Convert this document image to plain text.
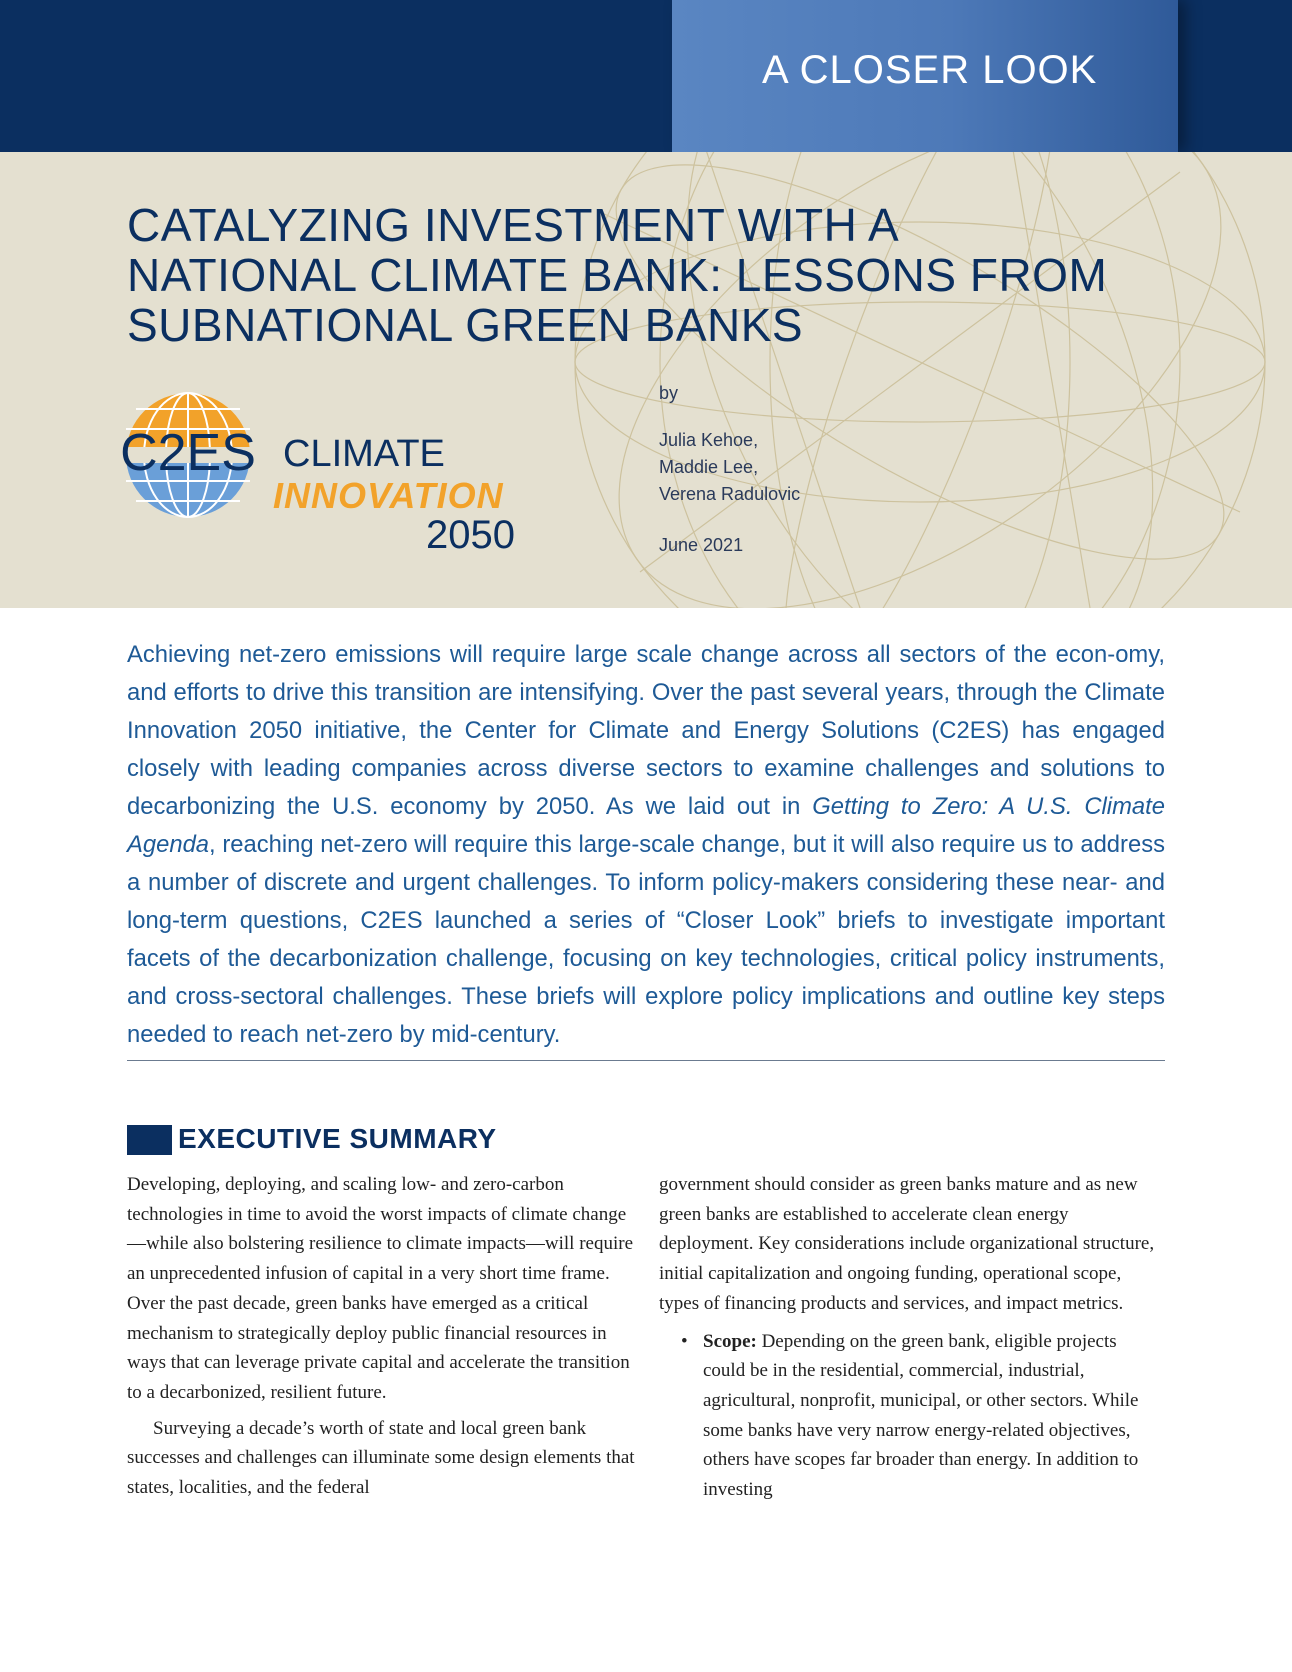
A CLOSER LOOK
CATALYZING INVESTMENT WITH A
NATIONAL CLIMATE BANK: LESSONS FROM
SUBNATIONAL GREEN BANKS
C2ES CLIMATE
INNOVATION
2050
by
Julia Kehoe,
Maddie Lee,
Verena Radulovic
June 2021

Achieving net-zero emissions will require large scale change across all sectors of the econ-omy, and efforts to drive this transition are intensifying. Over the past several years, through the Climate Innovation 2050 initiative, the Center for Climate and Energy Solutions (C2ES) has engaged closely with leading companies across diverse sectors to examine challenges and solutions to decarbonizing the U.S. economy by 2050. As we laid out in Getting to Zero: A U.S. Climate Agenda, reaching net-zero will require this large-scale change, but it will also require us to address a number of discrete and urgent challenges. To inform policy-makers considering these near- and long-term questions, C2ES launched a series of “Closer Look” briefs to investigate important facets of the decarbonization challenge, focusing on key technologies, critical policy instruments, and cross-sectoral challenges. These briefs will explore policy implications and outline key steps needed to reach net-zero by mid-century.

EXECUTIVE SUMMARY

Developing, deploying, and scaling low- and zero-carbon technologies in time to avoid the worst impacts of climate change—while also bolstering resilience to climate impacts—will require an unprecedented infusion of capital in a very short time frame. Over the past decade, green banks have emerged as a critical mechanism to strategically deploy public financial resources in ways that can leverage private capital and accelerate the transition to a decarbonized, resilient future.

Surveying a decade’s worth of state and local green bank successes and challenges can illuminate some design elements that states, localities, and the federal

government should consider as green banks mature and as new green banks are established to accelerate clean energy deployment. Key considerations include organizational structure, initial capitalization and ongoing funding, operational scope, types of financing products and services, and impact metrics.

• Scope: Depending on the green bank, eligible projects could be in the residential, commercial, industrial, agricultural, nonprofit, municipal, or other sectors. While some banks have very narrow energy-related objectives, others have scopes far broader than energy. In addition to investing
